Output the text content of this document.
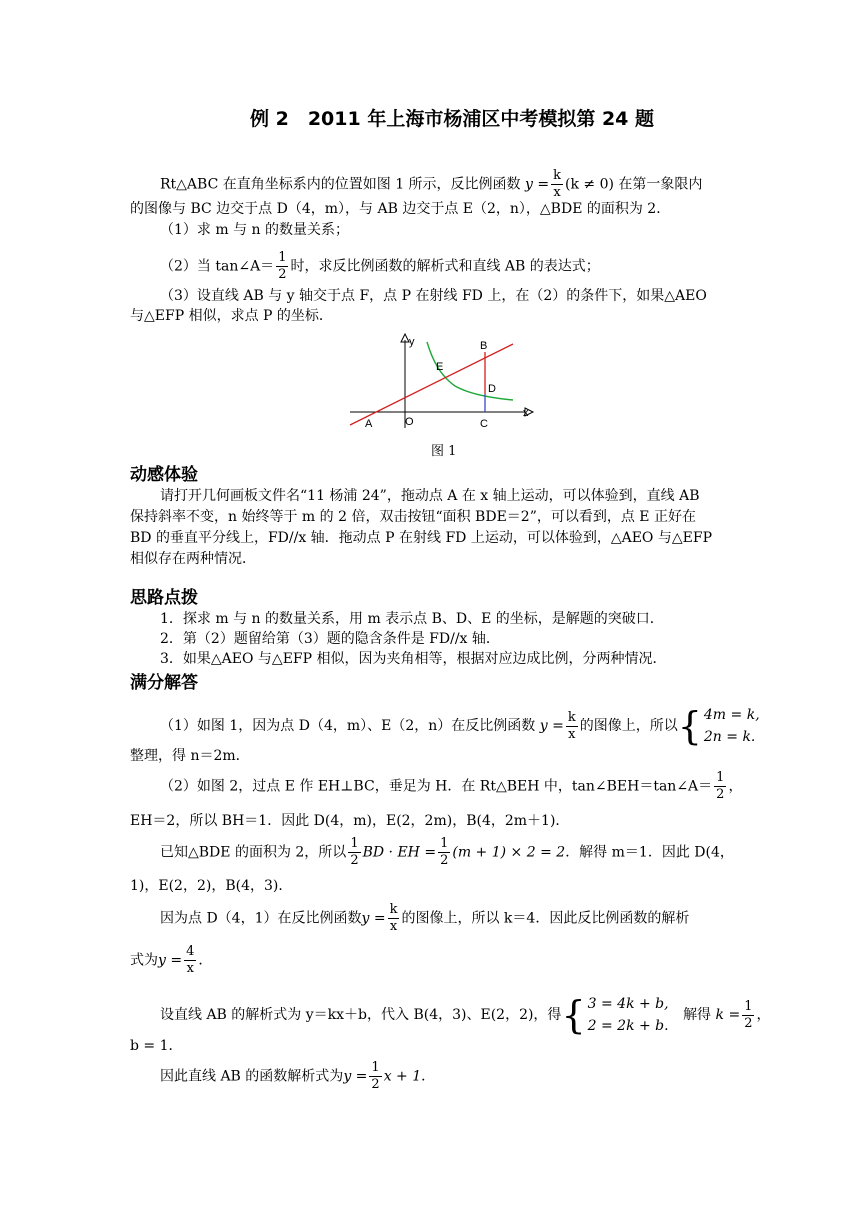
例 2　2011 年上海市杨浦区中考模拟第 24 题
Rt△ABC 在直角坐标系内的位置如图 1 所示，反比例函数 $y = \frac{k}{x} (k \ne 0)$ 在第一象限内
的图像与 BC 边交于点 D（4，m），与 AB 边交于点 E（2，n），△BDE 的面积为 2．
（1）求 m 与 n 的数量关系；
（2）当 tan∠A＝ $\frac{1}{2}$ 时，求反比例函数的解析式和直线 AB 的表达式；
（3）设直线 AB 与 y 轴交于点 F，点 P 在射线 FD 上，在（2）的条件下，如果△AEO
与△EFP 相似，求点 P 的坐标．
y
x
B
E
D
A	O	C
图 1
动感体验
请打开几何画板文件名“11 杨浦 24”，拖动点 A 在 x 轴上运动，可以体验到，直线 AB
保持斜率不变，n 始终等于 m 的 2 倍，双击按钮“面积 BDE＝2”，可以看到，点 E 正好在
BD 的垂直平分线上，FD//x 轴．拖动点 P 在射线 FD 上运动，可以体验到，△AEO 与△EFP
相似存在两种情况．
思路点拨
1．探求 m 与 n 的数量关系，用 m 表示点 B、D、E 的坐标，是解题的突破口．
2．第（2）题留给第（3）题的隐含条件是 FD//x 轴．
3．如果△AEO 与△EFP 相似，因为夹角相等，根据对应边成比例，分两种情况．
满分解答
（1）如图 1，因为点 D（4，m）、E（2，n）在反比例函数 $y = \frac{k}{x}$ 的图像上，所以{ 4m = k,
2n = k.
整理，得 n＝2m．
（2）如图 2，过点 E 作 EH⊥BC，垂足为 H．在 Rt△BEH 中，tan∠BEH＝tan∠A＝ $\frac{1}{2}$ ，
EH＝2，所以 BH＝1．因此 D(4，m)，E(2，2m)，B(4，2m＋1)．
已知△BDE 的面积为 2，所以 $\frac{1}{2}$ BD · EH = $\frac{1}{2} (m + 1) \times 2 = 2$．解得 m＝1．因此 D(4，
1)，E(2，2)，B(4，3)．
因为点 D（4，1）在反比例函数$y = \frac{k}{x}$ 的图像上，所以 k＝4．因此反比例函数的解析
式为$y = \frac{4}{x}$ ．
设直线 AB 的解析式为 y＝kx＋b，代入 B(4，3)、E(2，2)，得{ 3 = 4k + b,
2 = 2k + b.
解得 $k = \frac{1}{2}$ ，
b = 1．
因此直线 AB 的函数解析式为$y = \frac{1}{2}$ x + 1．
